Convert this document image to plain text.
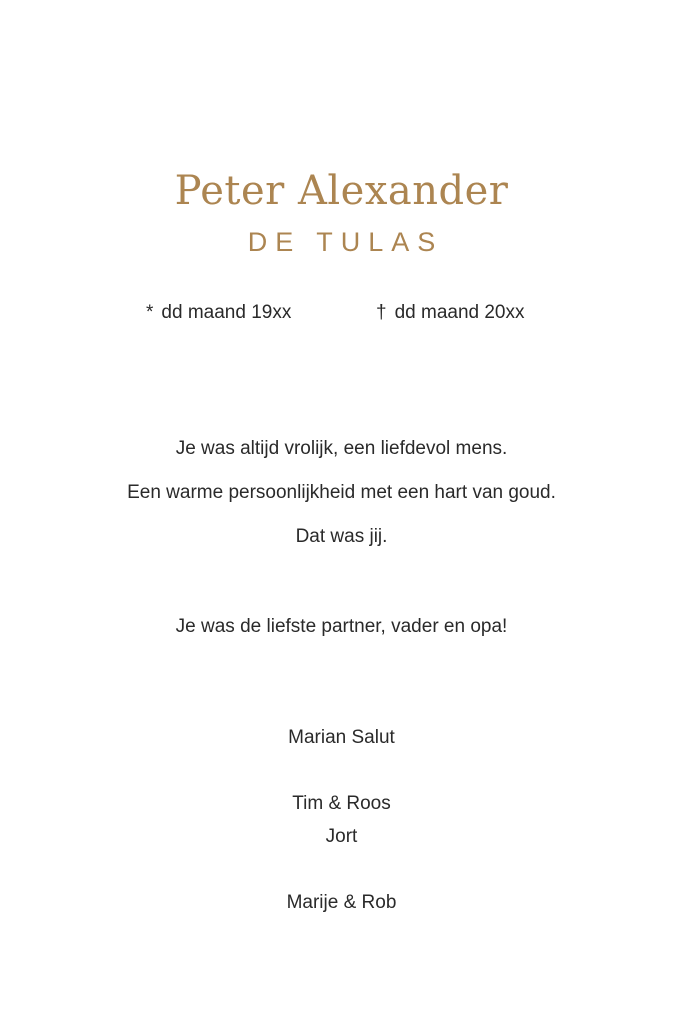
Peter Alexander
DE TULAS
* dd maand 19xx	† dd maand 20xx
Je was altijd vrolijk, een liefdevol mens.
Een warme persoonlijkheid met een hart van goud.
Dat was jij.
Je was de liefste partner, vader en opa!
Marian Salut
Tim & Roos
Jort
Marije & Rob
